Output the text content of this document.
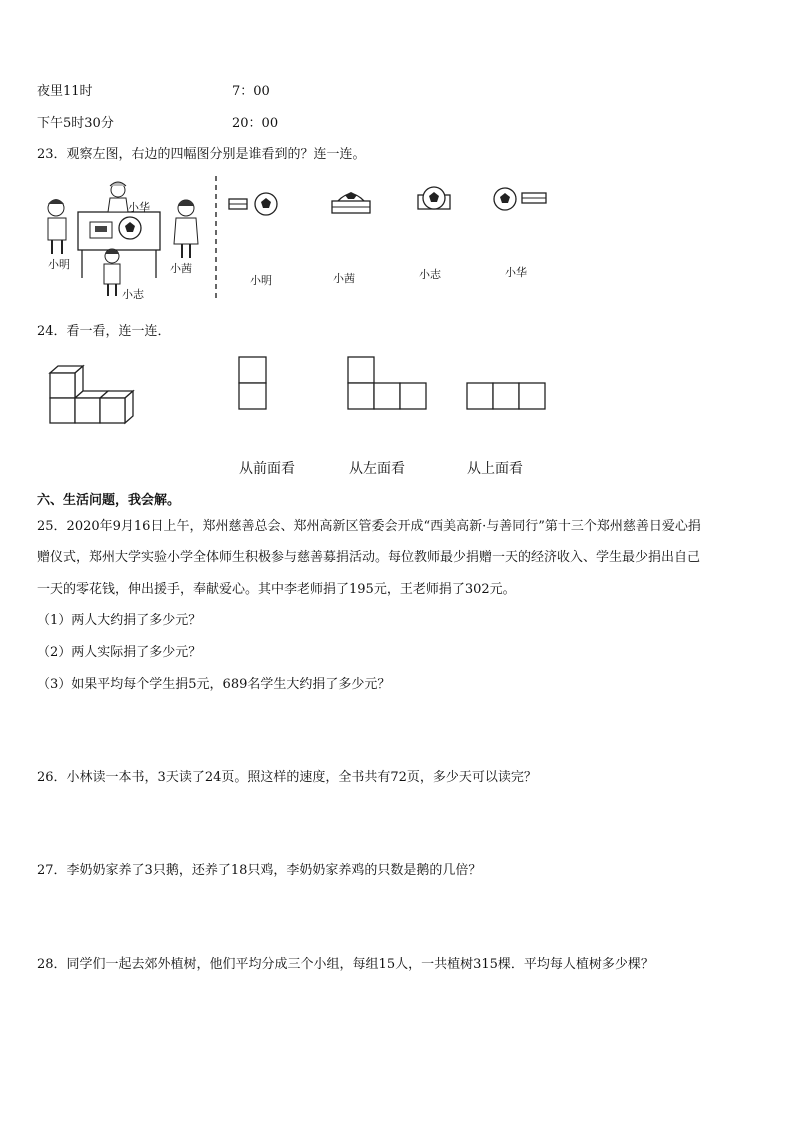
夜里11时	7：00
下午5时30分	20：00
23．观察左图，右边的四幅图分别是谁看到的？连一连。
小华
小明	小茜
小志
小明	小茜	小志	小华
24．看一看，连一连．
从前面看	从左面看	从上面看
六、生活问题，我会解。
25．2020年9月16日上午，郑州慈善总会、郑州高新区管委会开成“西美高新·与善同行”第十三个郑州慈善日爱心捐
赠仪式，郑州大学实验小学全体师生积极参与慈善募捐活动。每位教师最少捐赠一天的经济收入、学生最少捐出自己
一天的零花钱，伸出援手，奉献爱心。其中李老师捐了195元，王老师捐了302元。
（1）两人大约捐了多少元？
（2）两人实际捐了多少元？
（3）如果平均每个学生捐5元，689名学生大约捐了多少元？
26．小林读一本书，3天读了24页。照这样的速度，全书共有72页，多少天可以读完？
27．李奶奶家养了3只鹅，还养了18只鸡，李奶奶家养鸡的只数是鹅的几倍？
28．同学们一起去郊外植树，他们平均分成三个小组，每组15人，一共植树315棵．平均每人植树多少棵？
